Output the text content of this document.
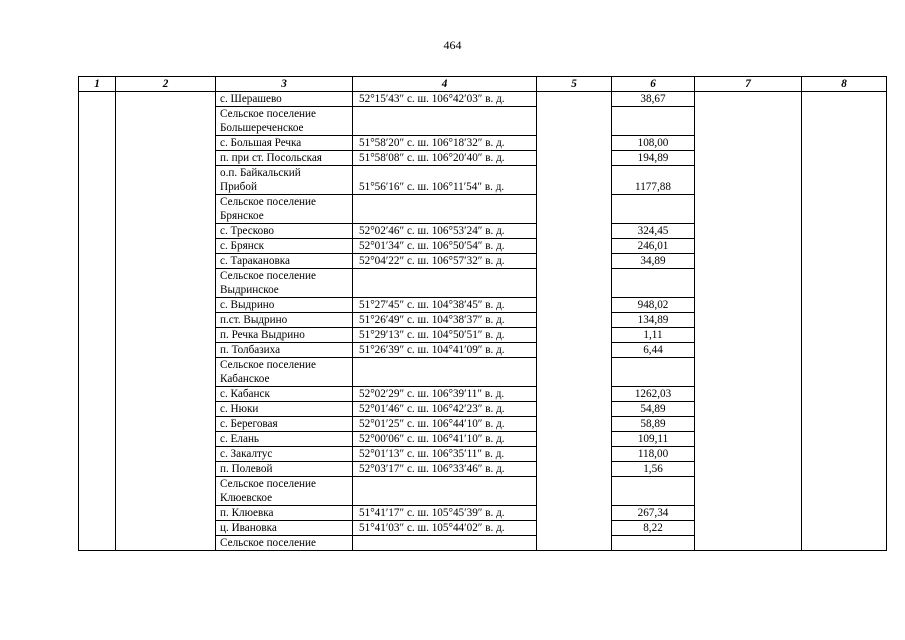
464
1	2	3	4	5	6	7	8

		с. Шерашево	52°15′43″ с. ш. 106°42′03″ в. д.		38,67		

		Сельское поселение
Большереченское					

		с. Большая Речка	51°58′20″ с. ш. 106°18′32″ в. д.		108,00		

		п. при ст. Посольская	51°58′08″ с. ш. 106°20′40″ в. д.		194,89		

		о.п. Байкальский
Прибой	51°56′16″ с. ш. 106°11′54″ в. д.		1177,88		

		Сельское поселение
Брянское					

		с. Тресково	52°02′46″ с. ш. 106°53′24″ в. д.		324,45		

		с. Брянск	52°01′34″ с. ш. 106°50′54″ в. д.		246,01		

		с. Таракановка	52°04′22″ с. ш. 106°57′32″ в. д.		34,89		

		Сельское поселение
Выдринское					

		с. Выдрино	51°27′45″ с. ш. 104°38′45″ в. д.		948,02		

		п.ст. Выдрино	51°26′49″ с. ш. 104°38′37″ в. д.		134,89		

		п. Речка Выдрино	51°29′13″ с. ш. 104°50′51″ в. д.		1,11		

		п. Толбазиха	51°26′39″ с. ш. 104°41′09″ в. д.		6,44		

		Сельское поселение
Кабанское					

		с. Кабанск	52°02′29″ с. ш. 106°39′11″ в. д.		1262,03		

		с. Нюки	52°01′46″ с. ш. 106°42′23″ в. д.		54,89		

		с. Береговая	52°01′25″ с. ш. 106°44′10″ в. д.		58,89		

		с. Елань	52°00′06″ с. ш. 106°41′10″ в. д.		109,11		

		с. Закалтус	52°01′13″ с. ш. 106°35′11″ в. д.		118,00		

		п. Полевой	52°03′17″ с. ш. 106°33′46″ в. д.		1,56		

		Сельское поселение
Клюевское					

		п. Клюевка	51°41′17″ с. ш. 105°45′39″ в. д.		267,34		

		ц. Ивановка	51°41′03″ с. ш. 105°44′02″ в. д.		8,22		

		Сельское поселение					
